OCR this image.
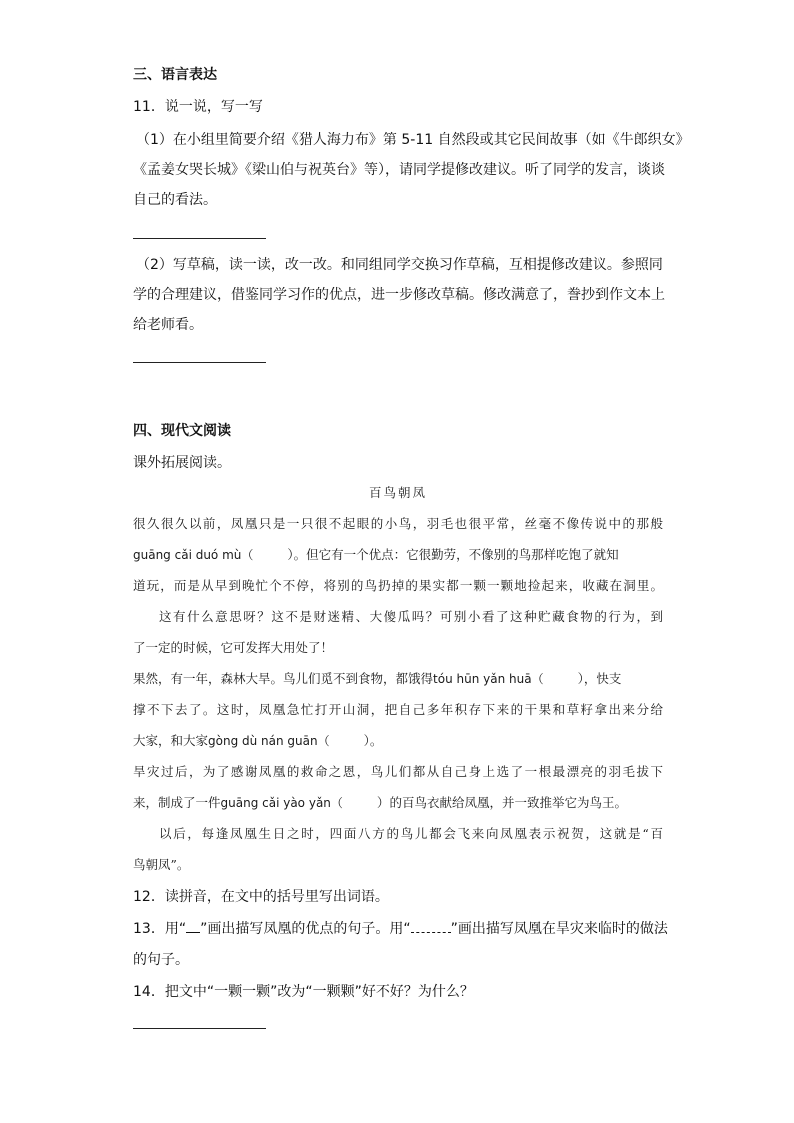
三、语言表达
11．说一说，写一写
（1）在小组里简要介绍《猎人海力布》第 5-11 自然段或其它民间故事（如《牛郎织女》
《孟姜女哭长城》《梁山伯与祝英台》等），请同学提修改建议。听了同学的发言，谈谈
自己的看法。
（2）写草稿，读一读，改一改。和同组同学交换习作草稿，互相提修改建议。参照同
学的合理建议，借鉴同学习作的优点，进一步修改草稿。修改满意了，誊抄到作文本上
给老师看。
四、现代文阅读
课外拓展阅读。
百鸟朝凤
很久很久以前，凤凰只是一只很不起眼的小鸟，羽毛也很平常，丝毫不像传说中的那般
guāng cǎi duó mù（	）。但它有一个优点：它很勤劳，不像别的鸟那样吃饱了就知
道玩，而是从早到晚忙个不停，将别的鸟扔掉的果实都一颗一颗地捡起来，收藏在洞里。
这有什么意思呀？这不是财迷精、大傻瓜吗？可别小看了这种贮藏食物的行为，到
了一定的时候，它可发挥大用处了！
果然，有一年，森林大旱。鸟儿们觅不到食物，都饿得tóu hūn yǎn huā（	），快支
撑不下去了。这时，凤凰急忙打开山洞，把自己多年积存下来的干果和草籽拿出来分给
大家，和大家gòng dù nán guān（	）。
旱灾过后，为了感谢凤凰的救命之恩，鸟儿们都从自己身上选了一根最漂亮的羽毛拔下
来，制成了一件guāng cǎi yào yǎn（	）的百鸟衣献给凤凰，并一致推举它为鸟王。
以后，每逢凤凰生日之时，四面八方的鸟儿都会飞来向凤凰表示祝贺，这就是“百
鸟朝凤”。
12．读拼音，在文中的括号里写出词语。
13．用“ ”画出描写凤凰的优点的句子。用“	”画出描写凤凰在旱灾来临时的做法
的句子。
14．把文中“一颗一颗”改为“一颗颗”好不好？为什么？
